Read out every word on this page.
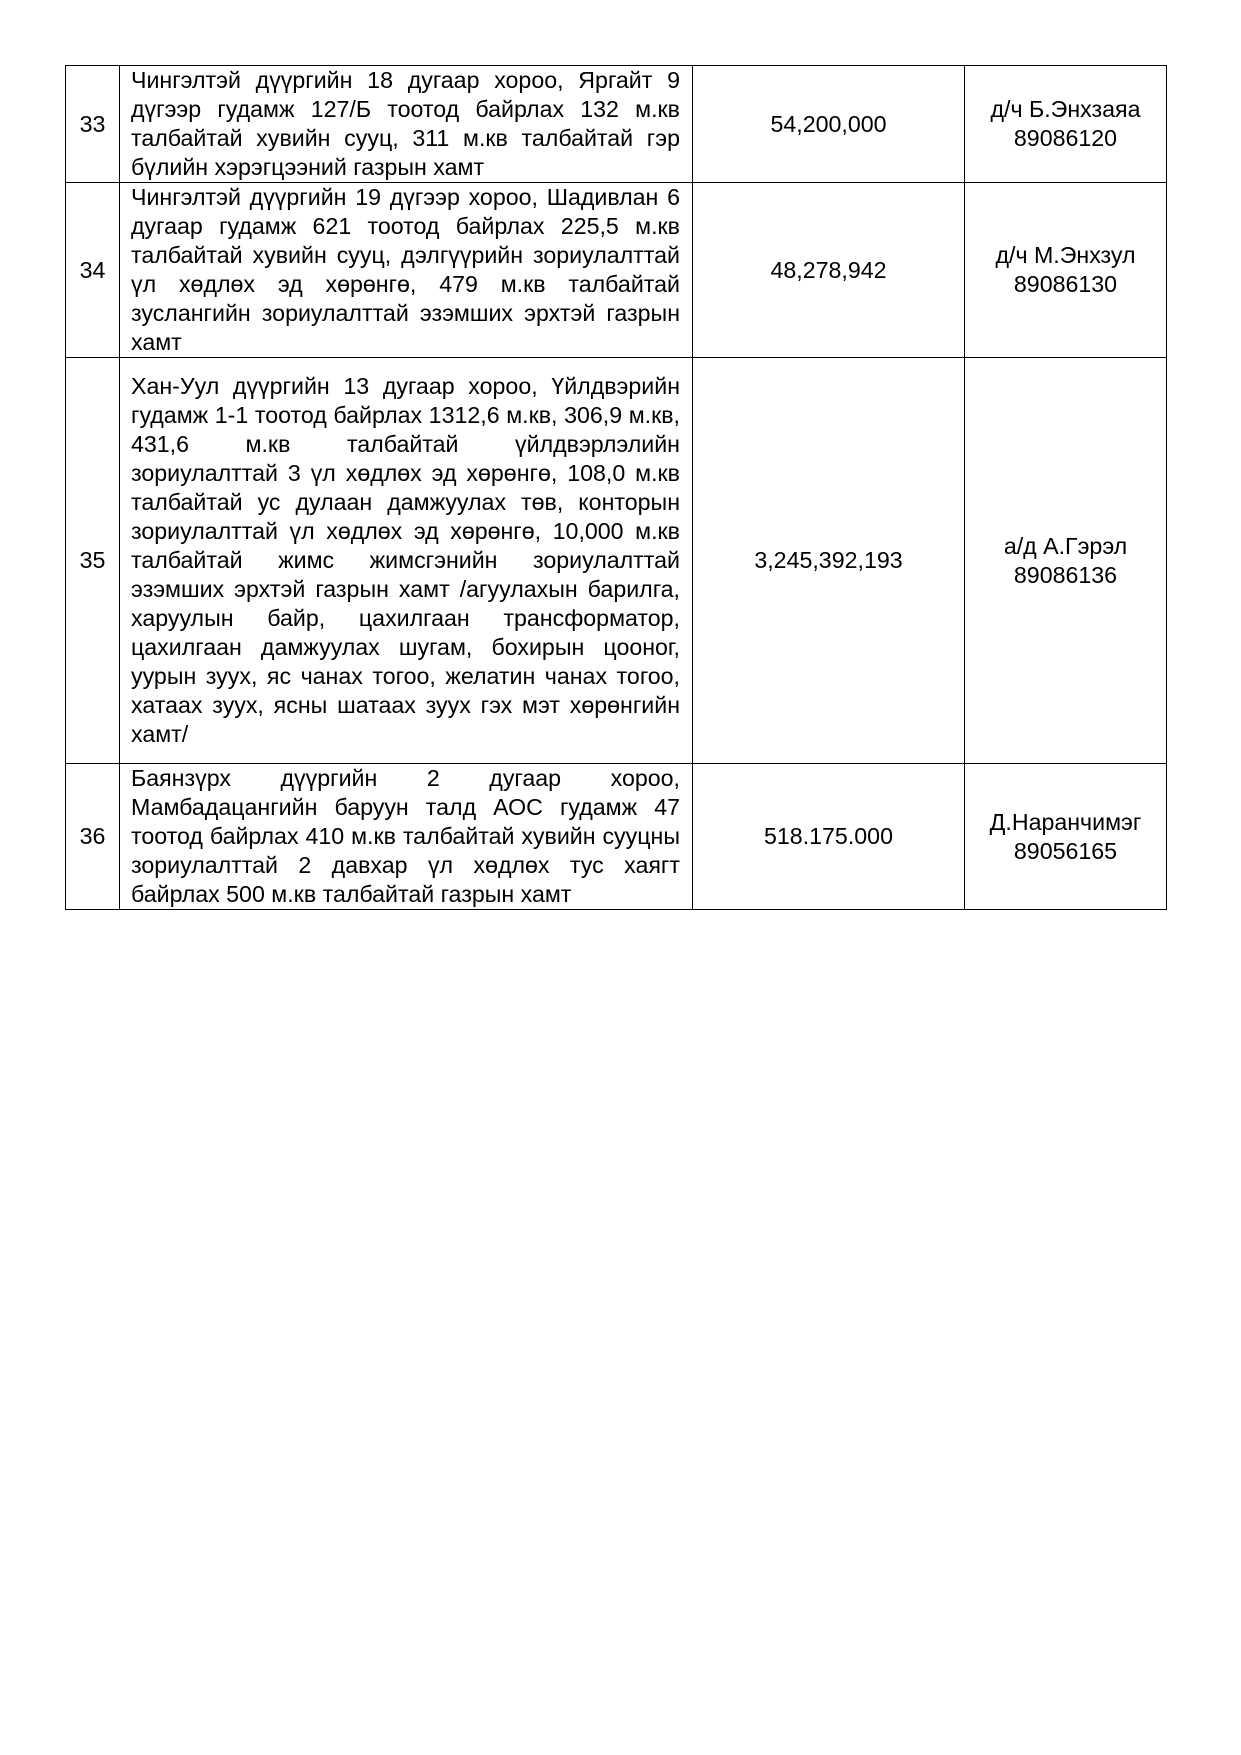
33	Чингэлтэй дүүргийн 18 дугаар хороо, Яргайт 9 дүгээр гудамж 127/Б тоотод байрлах 132 м.кв талбайтай хувийн сууц, 311 м.кв талбайтай гэр бүлийн хэрэгцээний газрын хамт	54,200,000	д/ч Б.Энхзаяа
89086120

34	Чингэлтэй дүүргийн 19 дүгээр хороо, Шадивлан 6 дугаар гудамж 621 тоотод байрлах 225,5 м.кв талбайтай хувийн сууц, дэлгүүрийн зориулалттай үл хөдлөх эд хөрөнгө, 479 м.кв талбайтай зуслангийн зориулалттай эзэмших эрхтэй газрын хамт	48,278,942	д/ч М.Энхзул
89086130

35	Хан-Уул дүүргийн 13 дугаар хороо, Үйлдвэрийн гудамж 1-1 тоотод байрлах 1312,6 м.кв, 306,9 м.кв, 431,6 м.кв талбайтай үйлдвэрлэлийн зориулалттай 3 үл хөдлөх эд хөрөнгө, 108,0 м.кв талбайтай ус дулаан дамжуулах төв, конторын зориулалттай үл хөдлөх эд хөрөнгө, 10,000 м.кв талбайтай жимс жимсгэнийн зориулалттай эзэмших эрхтэй газрын хамт /агуулахын барилга, харуулын байр, цахилгаан трансформатор, цахилгаан дамжуулах шугам, бохирын цооног, уурын зуух, яс чанах тогоо, желатин чанах тогоо, хатаах зуух, ясны шатаах зуух гэх мэт хөрөнгийн хамт/	3,245,392,193	а/д А.Гэрэл
89086136

36	Баянзүрх дүүргийн 2 дугаар хороо, Мамбадацангийн баруун талд АОС гудамж 47 тоотод байрлах 410 м.кв талбайтай хувийн сууцны зориулалттай 2 давхар үл хөдлөх тус хаягт байрлах 500 м.кв талбайтай газрын хамт	518.175.000	Д.Наранчимэг
89056165
